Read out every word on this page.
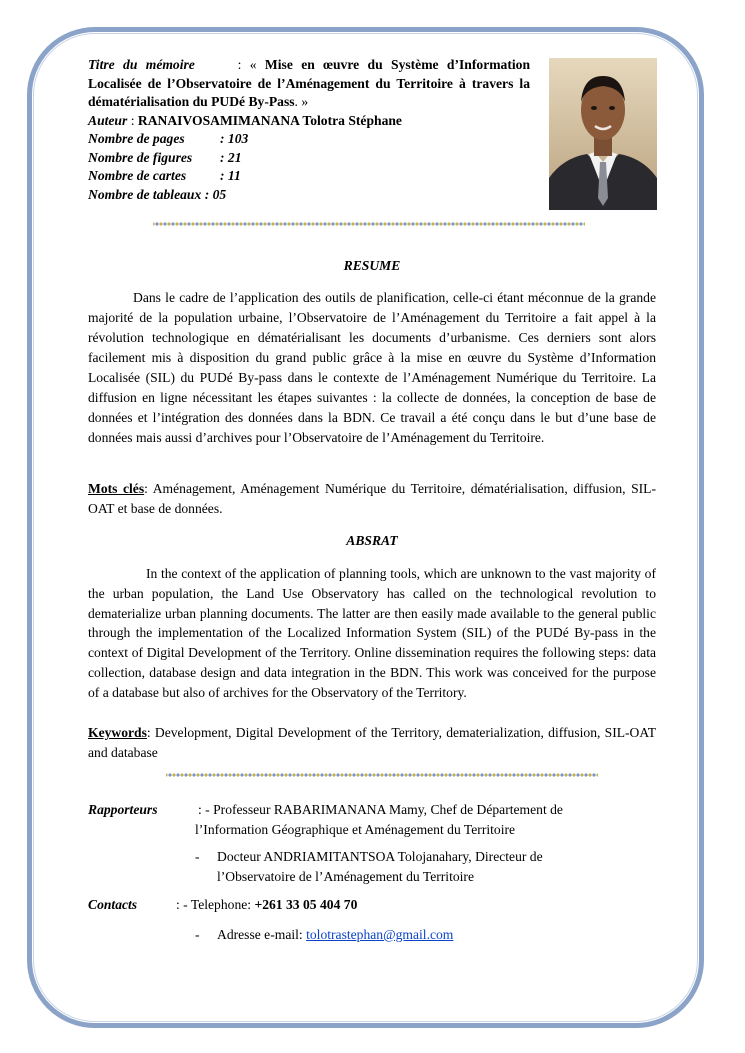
Titre du mémoire	: « Mise en œuvre du Système d’Information Localisée de l’Observatoire de l’Aménagement du Territoire à travers la dématérialisation du PUDé By-Pass. »
Auteur : RANAIVOSAMIMANANA Tolotra Stéphane
Nombre de pages	: 103
Nombre de figures : 21
Nombre de cartes : 11
Nombre de tableaux : 05
RESUME
Dans le cadre de l’application des outils de planification, celle-ci étant méconnue de la grande majorité de la population urbaine, l’Observatoire de l’Aménagement du Territoire a fait appel à la révolution technologique en dématérialisant les documents d’urbanisme. Ces derniers sont alors facilement mis à disposition du grand public grâce à la mise en œuvre du Système d’Information Localisée (SIL) du PUDé By-pass dans le contexte de l’Aménagement Numérique du Territoire. La diffusion en ligne nécessitant les étapes suivantes : la collecte de données, la conception de base de données et l’intégration des données dans la BDN. Ce travail a été conçu dans le but d’une base de données mais aussi d’archives pour l’Observatoire de l’Aménagement du Territoire.
Mots clés: Aménagement, Aménagement Numérique du Territoire, dématérialisation, diffusion, SIL-OAT et base de données.
ABSRAT
In the context of the application of planning tools, which are unknown to the vast majority of the urban population, the Land Use Observatory has called on the technological revolution to dematerialize urban planning documents. The latter are then easily made available to the general public through the implementation of the Localized Information System (SIL) of the PUDé By-pass in the context of Digital Development of the Territory. Online dissemination requires the following steps: data collection, database design and data integration in the BDN. This work was conceived for the purpose of a database but also of archives for the Observatory of the Territory.
Keywords: Development, Digital Development of the Territory, dematerialization, diffusion, SIL-OAT and database
Rapporteurs	: - Professeur RABARIMANANA Mamy, Chef de Département de
l’Information Géographique et Aménagement du Territoire
- Docteur ANDRIAMITANTSOA Tolojanahary, Directeur de
l’Observatoire de l’Aménagement du Territoire
Contacts	: - Telephone: +261 33 05 404 70
- Adresse e-mail: tolotrastephan@gmail.com
